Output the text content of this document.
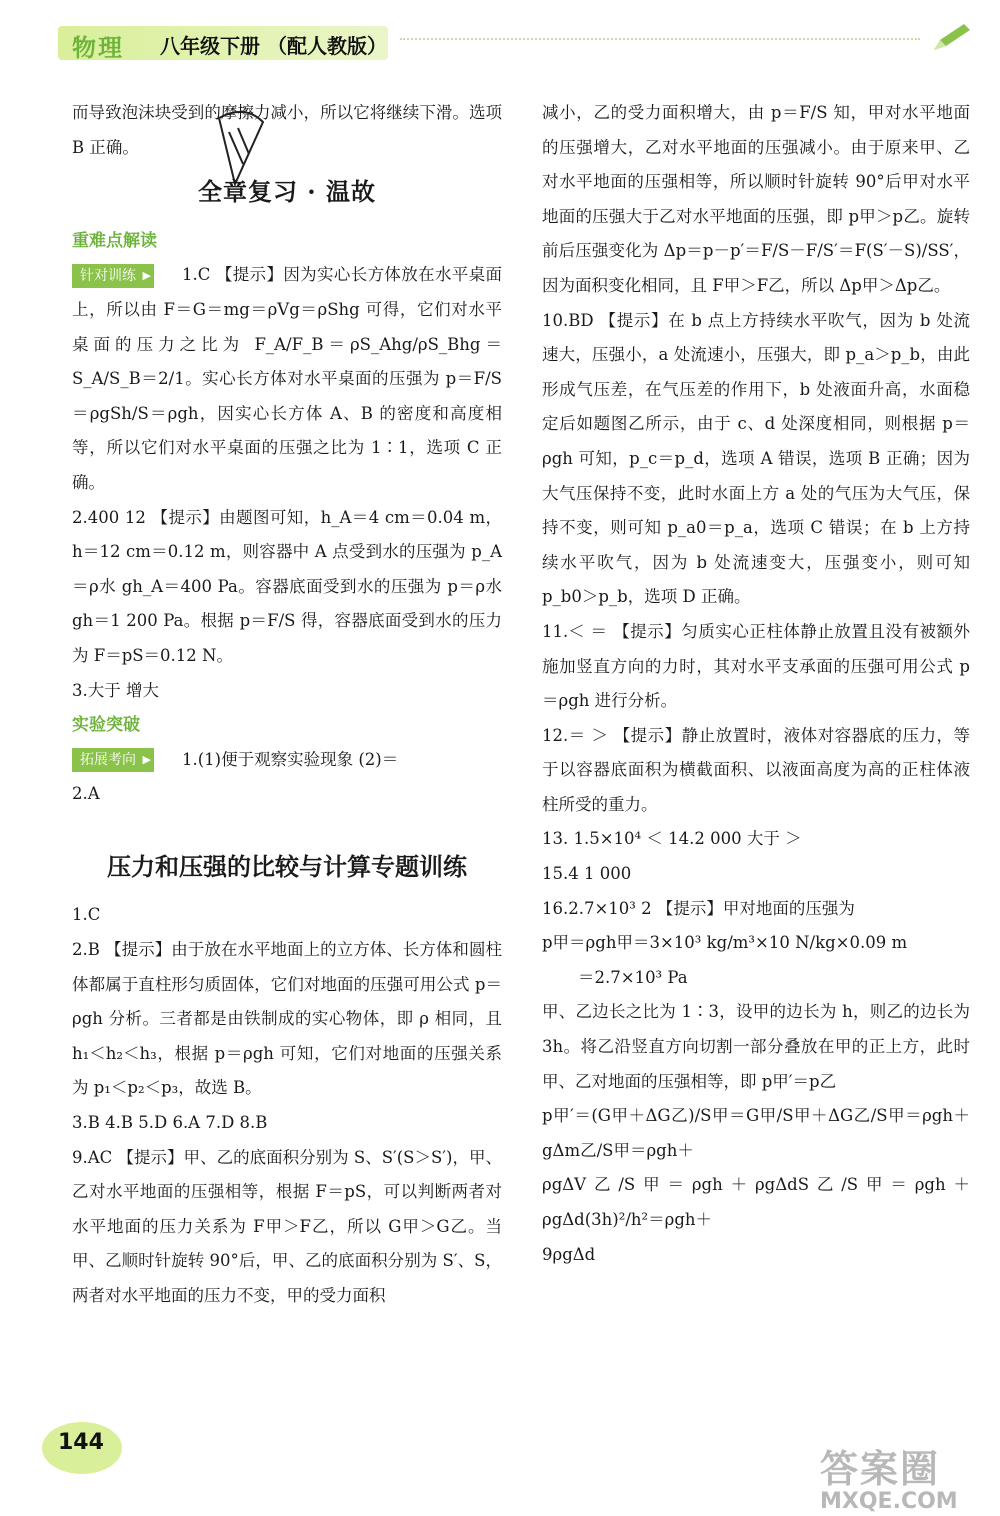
物理 八年级下册 （配人教版）

而导致泡沫块受到的摩擦力减小，所以它将继续下滑。选项 B 正确。

全章复习 · 温故
重难点解读

针对训练 ▶	1.C 【提示】因为实心长方体放在水平桌面上，所以由 F＝G＝mg＝ρVg＝ρShg 可得，它们对水平桌面的压力之比为 F_A/F_B＝ρS_Ahg/ρS_Bhg＝S_A/S_B＝2/1。实心长方体对水平桌面的压强为 p＝F/S＝ρgSh/S＝ρgh，因实心长方体 A、B 的密度和高度相等，所以它们对水平桌面的压强之比为 1∶1，选项 C 正确。

2.400 12 【提示】由题图可知，h_A＝4 cm＝0.04 m，h＝12 cm＝0.12 m，则容器中 A 点受到水的压强为 p_A＝ρ水 gh_A＝400 Pa。容器底面受到水的压强为 p＝ρ水 gh＝1 200 Pa。根据 p＝F/S 得，容器底面受到水的压力为 F＝pS＝0.12 N。

3.大于 增大

实验突破

拓展考向 ▶	1.(1)便于观察实验现象 (2)＝

2.A

压力和压强的比较与计算专题训练

1.C

2.B 【提示】由于放在水平地面上的立方体、长方体和圆柱体都属于直柱形匀质固体，它们对地面的压强可用公式 p＝ρgh 分析。三者都是由铁制成的实心物体，即 ρ 相同，且h₁＜h₂＜h₃，根据 p＝ρgh 可知，它们对地面的压强关系为 p₁＜p₂＜p₃，故选 B。

3.B 4.B 5.D 6.A 7.D 8.B

9.AC 【提示】甲、乙的底面积分别为 S、S′(S＞S′)，甲、乙对水平地面的压强相等，根据 F＝pS，可以判断两者对水平地面的压力关系为 F甲＞F乙，所以 G甲＞G乙。当甲、乙顺时针旋转 90°后，甲、乙的底面积分别为 S′、S，两者对水平地面的压力不变，甲的受力面积

减小，乙的受力面积增大，由 p＝F/S 知，甲对水平地面的压强增大，乙对水平地面的压强减小。由于原来甲、乙对水平地面的压强相等，所以顺时针旋转 90°后甲对水平地面的压强大于乙对水平地面的压强，即 p甲＞p乙。旋转前后压强变化为 Δp＝p－p′＝F/S－F/S′＝F(S′－S)/SS′，因为面积变化相同，且 F甲＞F乙，所以 Δp甲＞Δp乙。

10.BD 【提示】在 b 点上方持续水平吹气，因为 b 处流速大，压强小，a 处流速小，压强大，即 p_a＞p_b，由此形成气压差，在气压差的作用下，b 处液面升高，水面稳定后如题图乙所示，由于 c、d 处深度相同，则根据 p＝ρgh 可知，p_c＝p_d，选项 A 错误，选项 B 正确；因为大气压保持不变，此时水面上方 a 处的气压为大气压，保持不变，则可知 p_a0＝p_a，选项 C 错误；在 b 上方持续水平吹气，因为 b 处流速变大，压强变小，则可知 p_b0＞p_b，选项 D 正确。

11.＜ ＝ 【提示】匀质实心正柱体静止放置且没有被额外施加竖直方向的力时，其对水平支承面的压强可用公式 p＝ρgh 进行分析。

12.＝ ＞ 【提示】静止放置时，液体对容器底的压力，等于以容器底面积为横截面积、以液面高度为高的正柱体液柱所受的重力。

13. 1.5×10⁴ ＜ 14.2 000 大于 ＞

15.4 1 000

16.2.7×10³ 2 【提示】甲对地面的压强为

p甲＝ρgh甲＝3×10³ kg/m³×10 N/kg×0.09 m

＝2.7×10³ Pa

甲、乙边长之比为 1∶3，设甲的边长为 h，则乙的边长为 3h。将乙沿竖直方向切割一部分叠放在甲的正上方，此时甲、乙对地面的压强相等，即 p甲′＝p乙

p甲′＝(G甲＋ΔG乙)/S甲＝G甲/S甲＋ΔG乙/S甲＝ρgh＋gΔm乙/S甲＝ρgh＋

ρgΔV乙/S甲＝ρgh＋ρgΔdS乙/S甲＝ρgh＋ρgΔd(3h)²/h²＝ρgh＋

9ρgΔd

144
答案圈
MXQE.COM
